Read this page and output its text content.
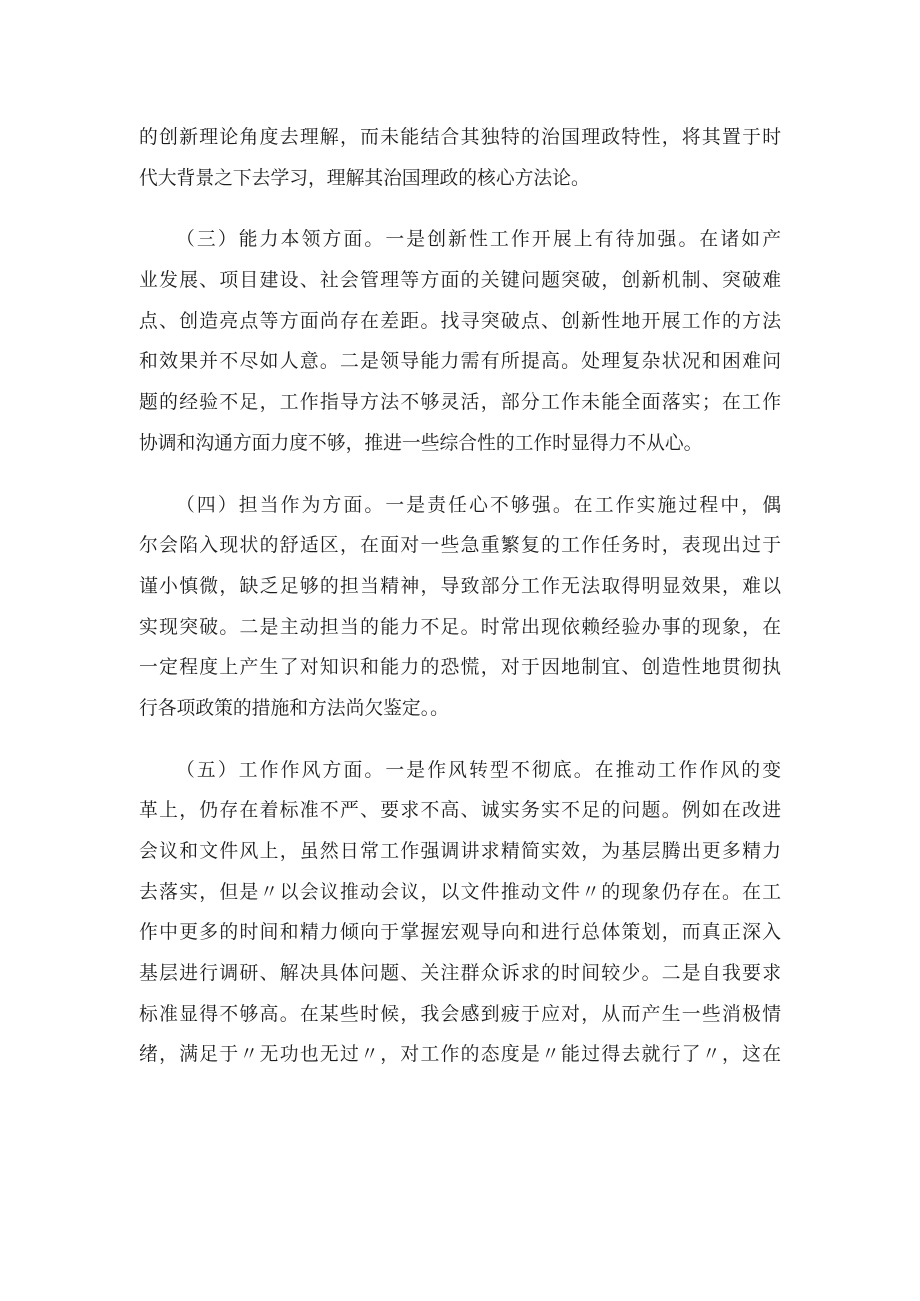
的创新理论角度去理解，而未能结合其独特的治国理政特性，将其置于时
代大背景之下去学习，理解其治国理政的核心方法论。
（三）能力本领方面。一是创新性工作开展上有待加强。在诸如产
业发展、项目建设、社会管理等方面的关键问题突破，创新机制、突破难
点、创造亮点等方面尚存在差距。找寻突破点、创新性地开展工作的方法
和效果并不尽如人意。二是领导能力需有所提高。处理复杂状况和困难问
题的经验不足，工作指导方法不够灵活，部分工作未能全面落实；在工作
协调和沟通方面力度不够，推进一些综合性的工作时显得力不从心。
（四）担当作为方面。一是责任心不够强。在工作实施过程中，偶
尔会陷入现状的舒适区，在面对一些急重繁复的工作任务时，表现出过于
谨小慎微，缺乏足够的担当精神，导致部分工作无法取得明显效果，难以
实现突破。二是主动担当的能力不足。时常出现依赖经验办事的现象，在
一定程度上产生了对知识和能力的恐慌，对于因地制宜、创造性地贯彻执
行各项政策的措施和方法尚欠鉴定。。
（五）工作作风方面。一是作风转型不彻底。在推动工作作风的变
革上，仍存在着标准不严、要求不高、诚实务实不足的问题。例如在改进
会议和文件风上，虽然日常工作强调讲求精简实效，为基层腾出更多精力
去落实，但是〃以会议推动会议，以文件推动文件〃的现象仍存在。在工
作中更多的时间和精力倾向于掌握宏观导向和进行总体策划，而真正深入
基层进行调研、解决具体问题、关注群众诉求的时间较少。二是自我要求
标准显得不够高。在某些时候，我会感到疲于应对，从而产生一些消极情
绪，满足于〃无功也无过〃，对工作的态度是〃能过得去就行了〃，这在
